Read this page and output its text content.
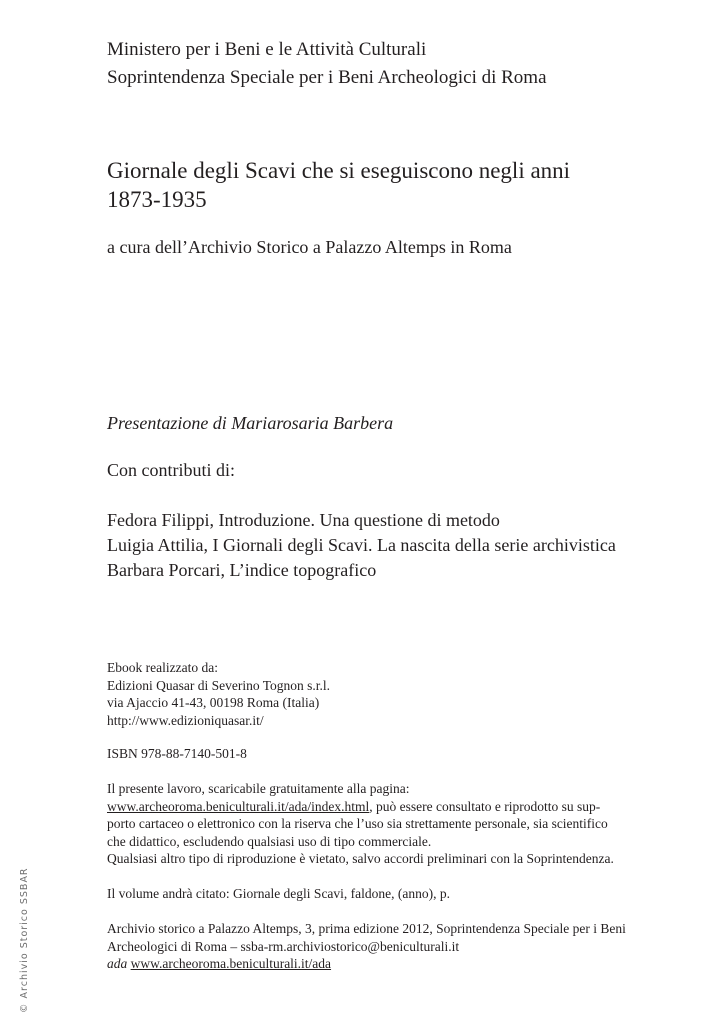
Ministero per i Beni e le Attività Culturali
Soprintendenza Speciale per i Beni Archeologici di Roma
Giornale degli Scavi che si eseguiscono negli anni
1873-1935

a cura dell’Archivio Storico a Palazzo Altemps in Roma

Presentazione di Mariarosaria Barbera

Con contributi di:

Fedora Filippi, Introduzione. Una questione di metodo
Luigia Attilia, I Giornali degli Scavi. La nascita della serie archivistica
Barbara Porcari, L’indice topografico
Ebook realizzato da:
Edizioni Quasar di Severino Tognon s.r.l.
via Ajaccio 41-43, 00198 Roma (Italia)
http://www.edizioniquasar.it/

ISBN 978-88-7140-501-8

Il presente lavoro, scaricabile gratuitamente alla pagina:
www.archeoroma.beniculturali.it/ada/index.html, può essere consultato e riprodotto su sup-
porto cartaceo o elettronico con la riserva che l’uso sia strettamente personale, sia scientifico
che didattico, escludendo qualsiasi uso di tipo commerciale.
Qualsiasi altro tipo di riproduzione è vietato, salvo accordi preliminari con la Soprintendenza.

Il volume andrà citato: Giornale degli Scavi, faldone, (anno), p.

Archivio storico a Palazzo Altemps, 3, prima edizione 2012, Soprintendenza Speciale per i Beni
Archeologici di Roma – ssba-rm.archiviostorico@beniculturali.it
ada www.archeoroma.beniculturali.it/ada
© Archivio Storico SSBAR
